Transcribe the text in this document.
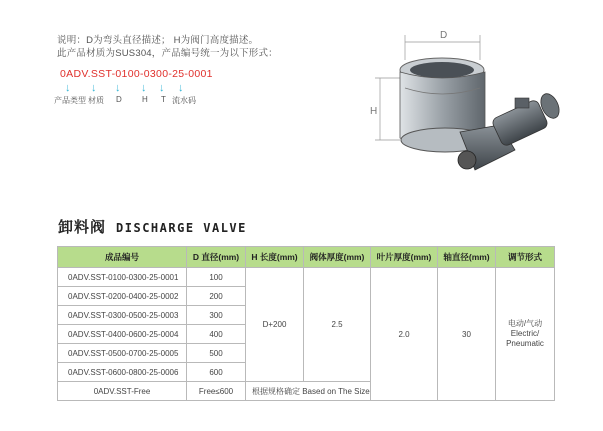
说明：D为弯头直径描述； H为阀门高度描述。
此产品材质为SUS304，产品编号统一为以下形式：
0ADV.SST-0100-0300-25-0001
↓ ↓ ↓ ↓ ↓ ↓
产品类型 材质 D	H T 流水码
D
H
卸料阀 DISCHARGE VALVE
成品编号	D 直径(mm)	H 长度(mm)	阀体厚度(mm)	叶片厚度(mm)	轴直径(mm)	调节形式
0ADV.SST-0100-0300-25-0001	100	D+200	2.5	2.0	30	电动/气动
Electric/
Pneumatic
0ADV.SST-0200-0400-25-0002	200					
0ADV.SST-0300-0500-25-0003	300					
0ADV.SST-0400-0600-25-0004	400					
0ADV.SST-0500-0700-25-0005	500					
0ADV.SST-0600-0800-25-0006	600					
0ADV.SST-Free	Free≤600	根据规格确定 Based on The Size				
